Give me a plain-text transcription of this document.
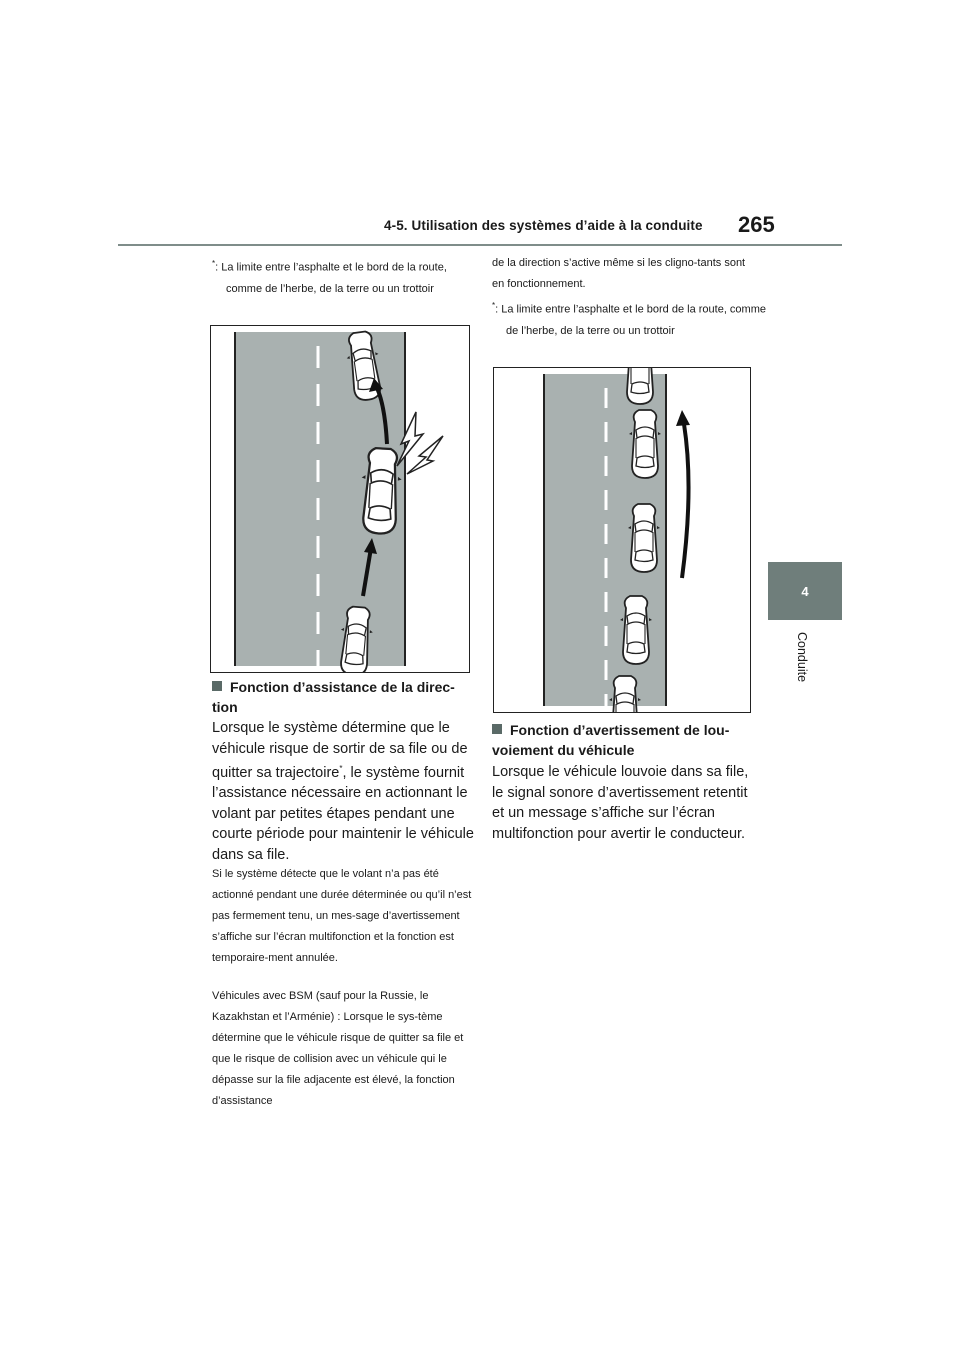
4-5. Utilisation des systèmes d’aide à la conduite 265
4
Conduite
*: La limite entre l’asphalte et le bord de la route, comme de l’herbe, de la terre ou un trottoir
Fonction d’assistance de la direc-tion
Lorsque le système détermine que le véhicule risque de sortir de sa file ou de quitter sa trajectoire*, le système fournit l’assistance nécessaire en actionnant le volant par petites étapes pendant une courte période pour maintenir le véhicule dans sa file.
Si le système détecte que le volant n’a pas été actionné pendant une durée déterminée ou qu’il n’est pas fermement tenu, un mes-sage d’avertissement s’affiche sur l’écran multifonction et la fonction est temporaire-ment annulée.
Véhicules avec BSM (sauf pour la Russie, le Kazakhstan et l’Arménie) : Lorsque le sys-tème détermine que le véhicule risque de quitter sa file et que le risque de collision avec un véhicule qui le dépasse sur la file adjacente est élevé, la fonction d’assistance
de la direction s’active même si les cligno-tants sont en fonctionnement.
*: La limite entre l’asphalte et le bord de la route, comme de l’herbe, de la terre ou un trottoir
Fonction d’avertissement de lou-voiement du véhicule
Lorsque le véhicule louvoie dans sa file, le signal sonore d’avertissement retentit et un message s’affiche sur l’écran multifonction pour avertir le conducteur.
